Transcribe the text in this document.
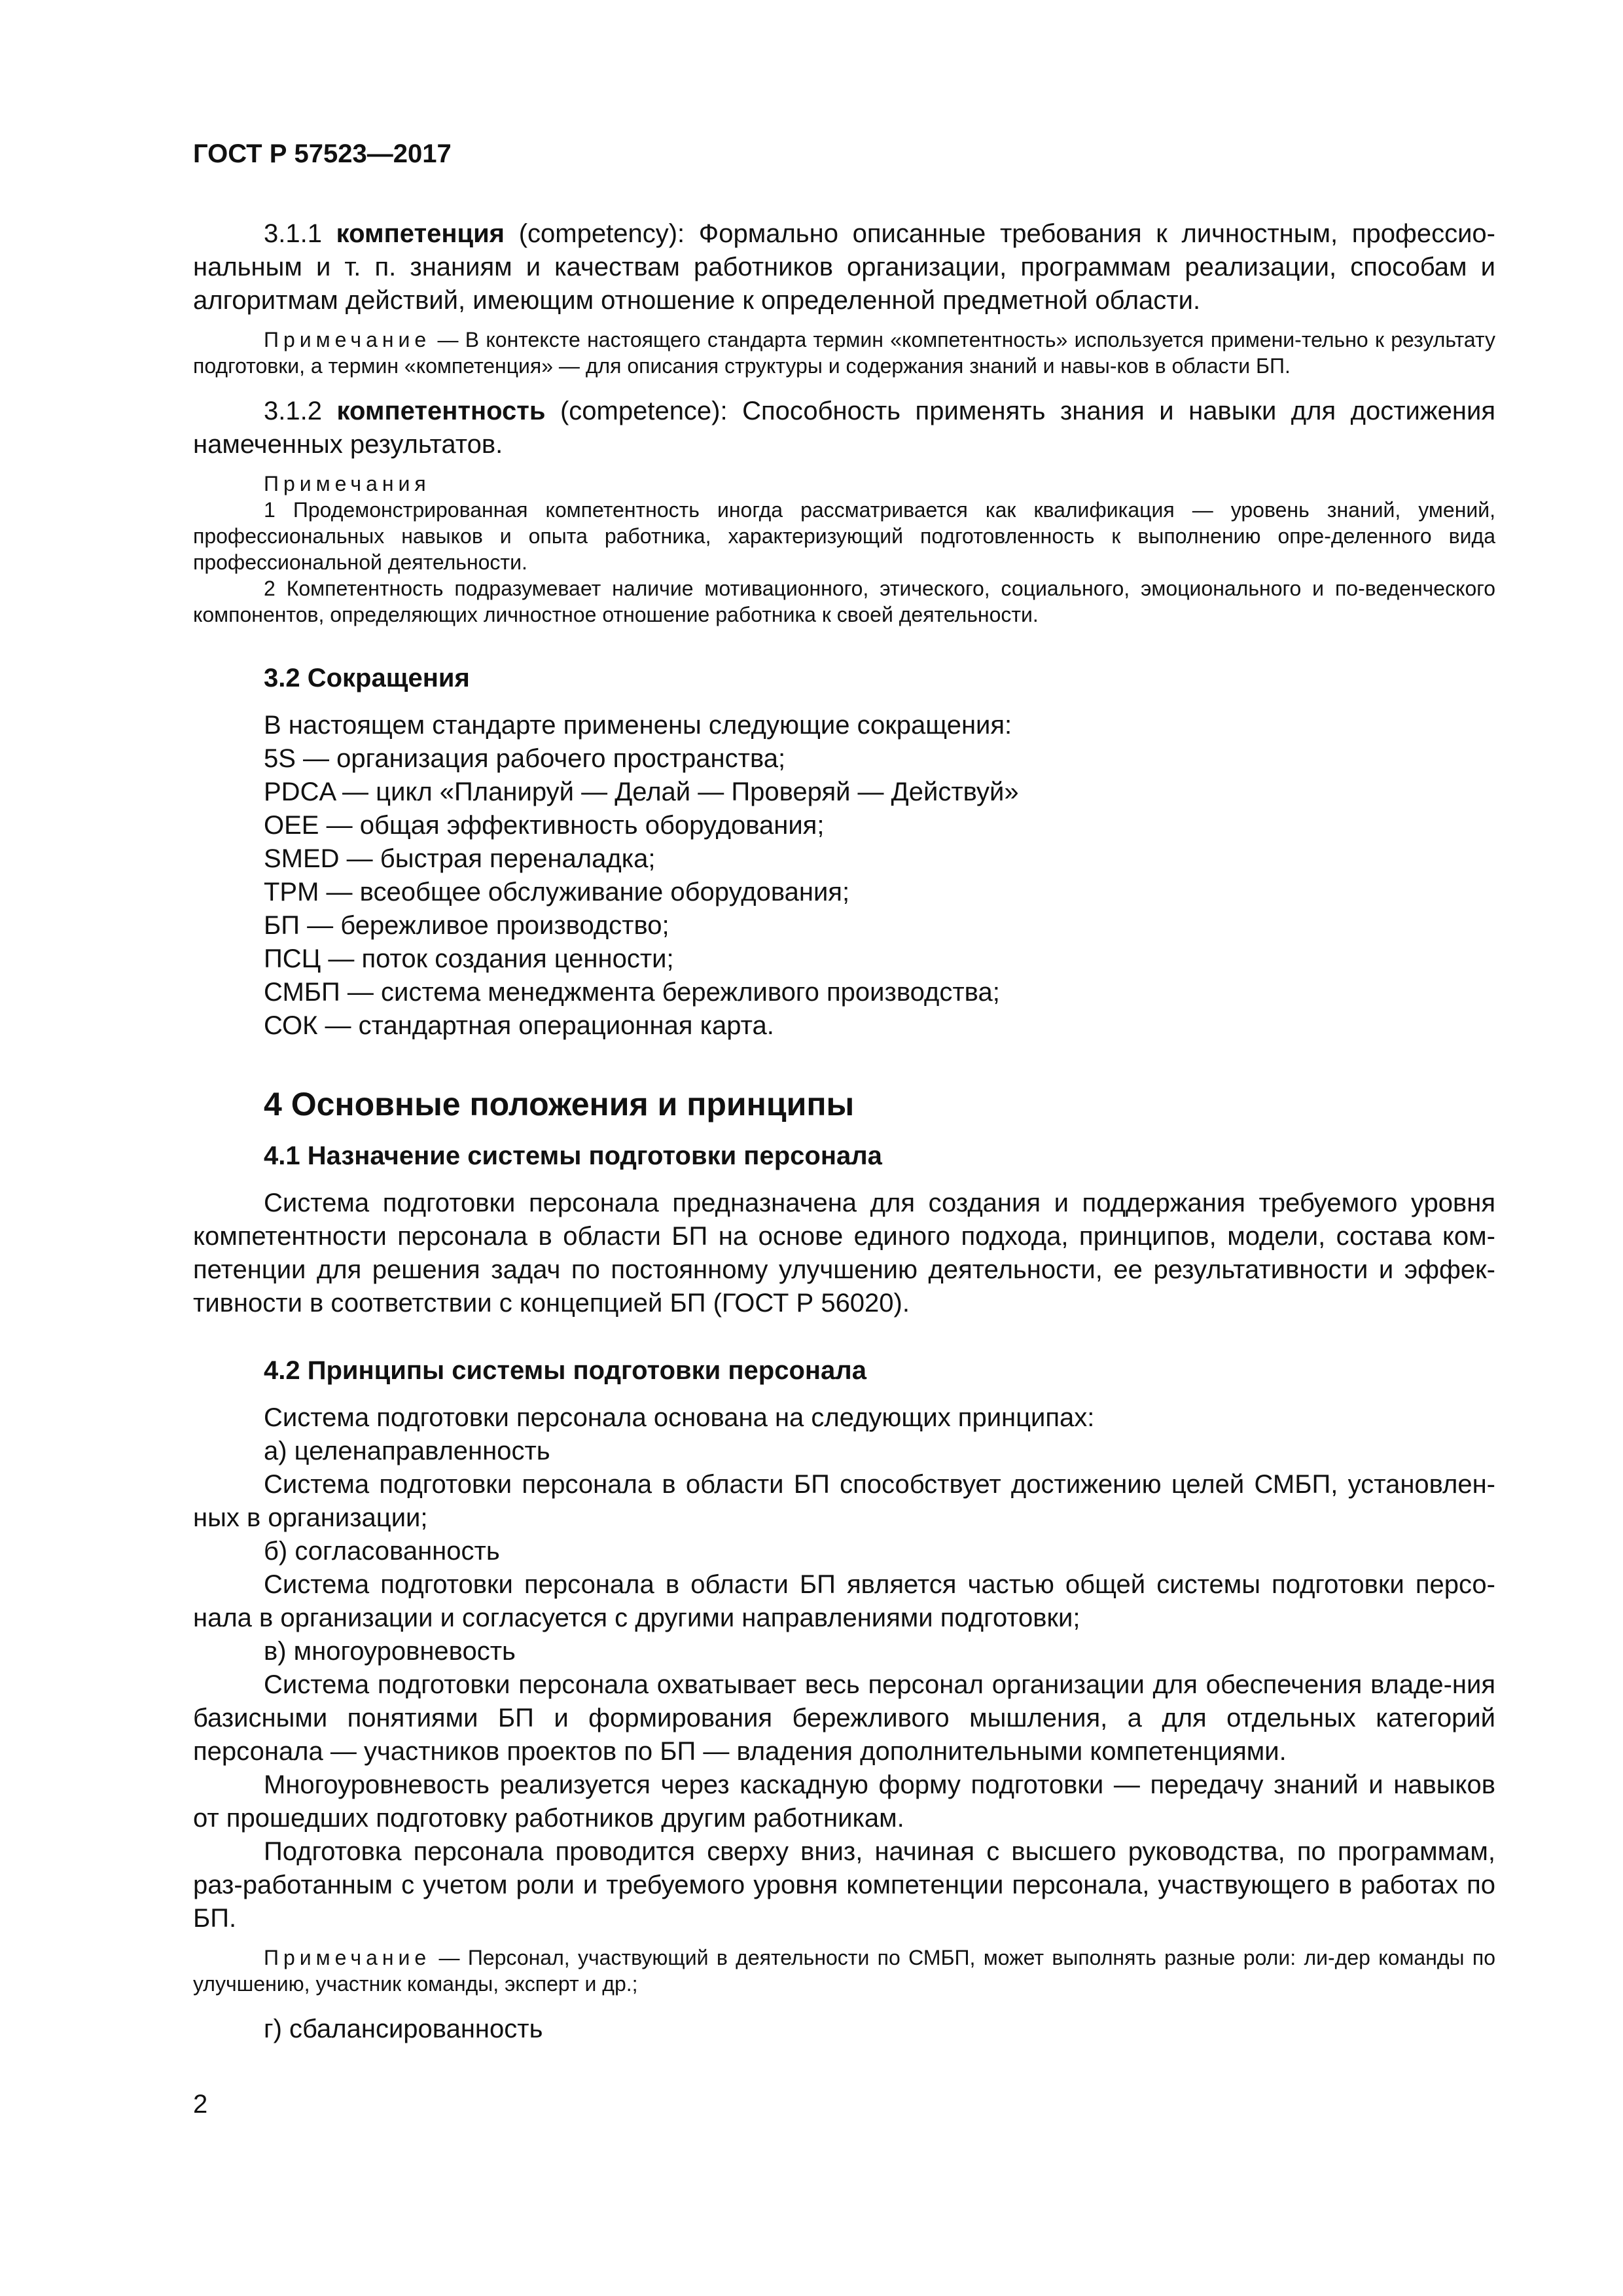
ГОСТ Р 57523—2017

3.1.1 компетенция (competency): Формально описанные требования к личностным, профессио-нальным и т. п. знаниям и качествам работников организации, программам реализации, способам и алгоритмам действий, имеющим отношение к определенной предметной области.

Примечание — В контексте настоящего стандарта термин «компетентность» используется примени-тельно к результату подготовки, а термин «компетенция» — для описания структуры и содержания знаний и навы-ков в области БП.

3.1.2 компетентность (competence): Способность применять знания и навыки для достижения намеченных результатов.

Примечания

1 Продемонстрированная компетентность иногда рассматривается как квалификация — уровень знаний, умений, профессиональных навыков и опыта работника, характеризующий подготовленность к выполнению опре-деленного вида профессиональной деятельности.

2 Компетентность подразумевает наличие мотивационного, этического, социального, эмоционального и по-веденческого компонентов, определяющих личностное отношение работника к своей деятельности.

3.2 Сокращения

В настоящем стандарте применены следующие сокращения:

5S — организация рабочего пространства;

PDCA — цикл «Планируй — Делай — Проверяй — Действуй»

OEE — общая эффективность оборудования;

SMED — быстрая переналадка;

TPM — всеобщее обслуживание оборудования;

БП — бережливое производство;

ПСЦ — поток создания ценности;

СМБП — система менеджмента бережливого производства;

СОК — стандартная операционная карта.

4 Основные положения и принципы
4.1 Назначение системы подготовки персонала

Система подготовки персонала предназначена для создания и поддержания требуемого уровня компетентности персонала в области БП на основе единого подхода, принципов, модели, состава ком-петенции для решения задач по постоянному улучшению деятельности, ее результативности и эффек-тивности в соответствии с концепцией БП (ГОСТ Р 56020).

4.2 Принципы системы подготовки персонала

Система подготовки персонала основана на следующих принципах:

а) целенаправленность

Система подготовки персонала в области БП способствует достижению целей СМБП, установлен-ных в организации;

б) согласованность

Система подготовки персонала в области БП является частью общей системы подготовки персо-нала в организации и согласуется с другими направлениями подготовки;

в) многоуровневость

Система подготовки персонала охватывает весь персонал организации для обеспечения владе-ния базисными понятиями БП и формирования бережливого мышления, а для отдельных категорий персонала — участников проектов по БП — владения дополнительными компетенциями.

Многоуровневость реализуется через каскадную форму подготовки — передачу знаний и навыков от прошедших подготовку работников другим работникам.

Подготовка персонала проводится сверху вниз, начиная с высшего руководства, по программам, раз-работанным с учетом роли и требуемого уровня компетенции персонала, участвующего в работах по БП.

Примечание — Персонал, участвующий в деятельности по СМБП, может выполнять разные роли: ли-дер команды по улучшению, участник команды, эксперт и др.;

г) сбалансированность

2
